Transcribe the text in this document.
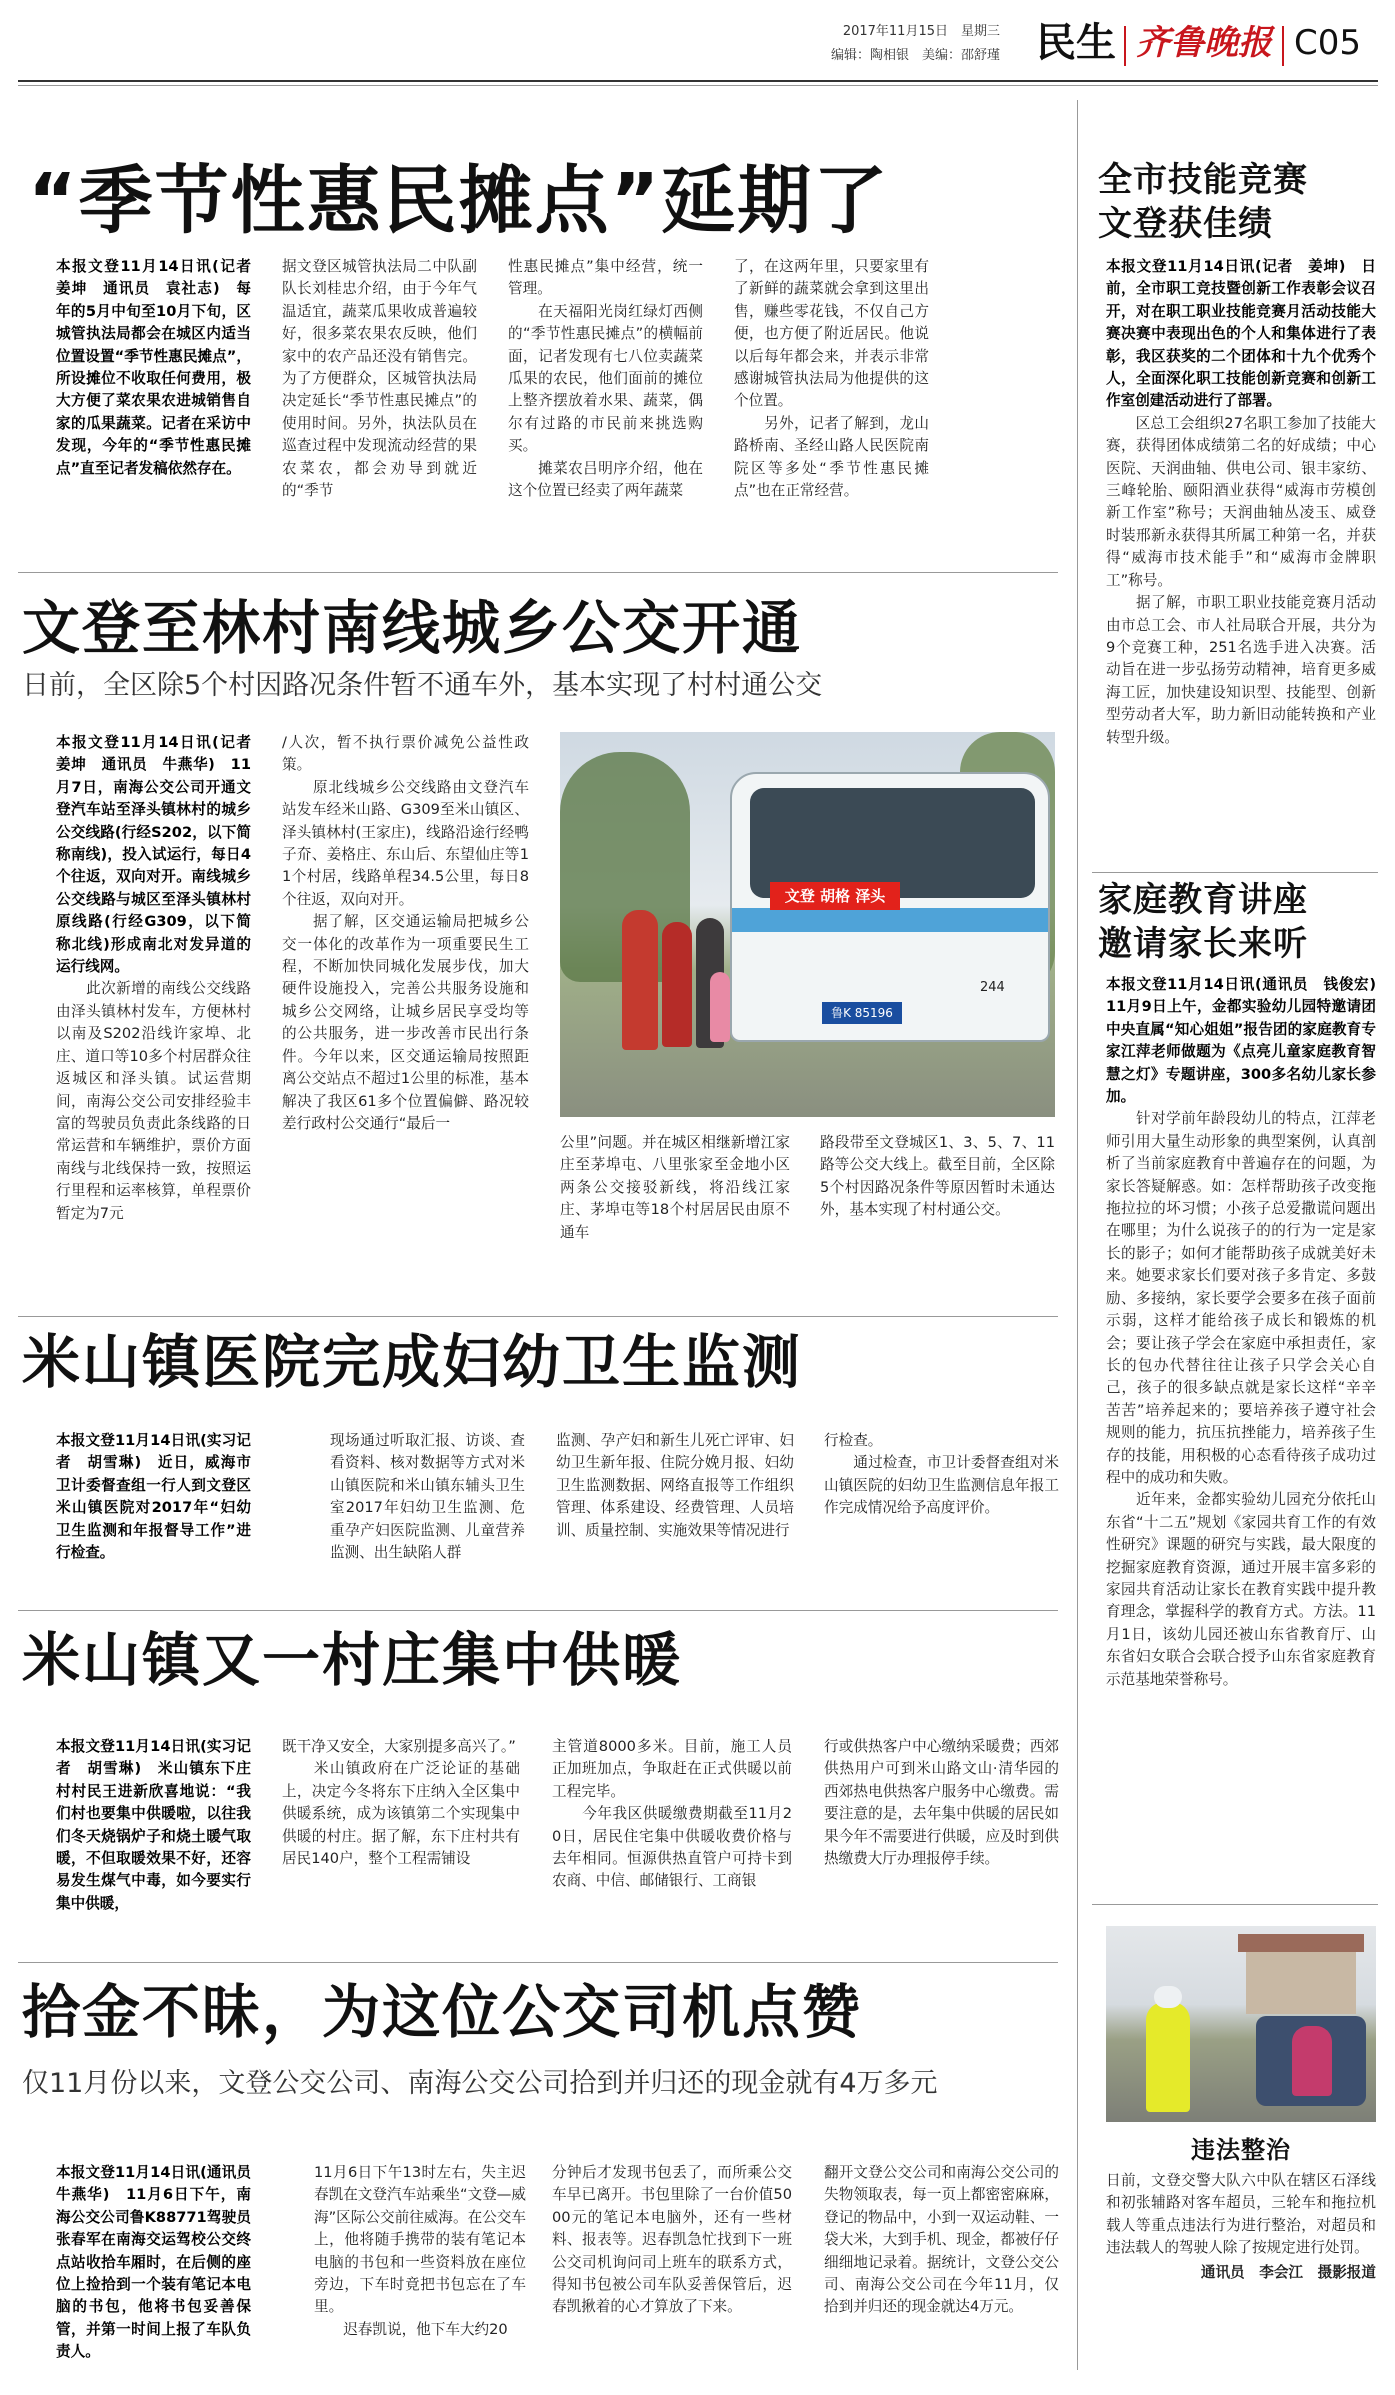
2017年11月15日　星期三
编辑：陶相银　美编：邵舒瑾 民生 齐鲁晚报 C05
“季节性惠民摊点”延期了
本报文登11月14日讯(记者　姜坤　通讯员　袁社志)　每年的5月中旬至10月下旬，区城管执法局都会在城区内适当位置设置“季节性惠民摊点”，所设摊位不收取任何费用，极大方便了菜农果农进城销售自家的瓜果蔬菜。记者在采访中发现，今年的“季节性惠民摊点”直至记者发稿依然存在。
据文登区城管执法局二中队副队长刘桂忠介绍，由于今年气温适宜，蔬菜瓜果收成普遍较好，很多菜农果农反映，他们家中的农产品还没有销售完。为了方便群众，区城管执法局决定延长“季节性惠民摊点”的使用时间。另外，执法队员在巡查过程中发现流动经营的果农菜农，都会劝导到就近的“季节
性惠民摊点”集中经营，统一管理。
　　在天福阳光岗红绿灯西侧的“季节性惠民摊点”的横幅前面，记者发现有七八位卖蔬菜瓜果的农民，他们面前的摊位上整齐摆放着水果、蔬菜，偶尔有过路的市民前来挑选购买。
　　摊菜农吕明序介绍，他在这个位置已经卖了两年蔬菜
了，在这两年里，只要家里有了新鲜的蔬菜就会拿到这里出售，赚些零花钱，不仅自己方便，也方便了附近居民。他说以后每年都会来，并表示非常感谢城管执法局为他提供的这个位置。
　　另外，记者了解到，龙山路桥南、圣经山路人民医院南院区等多处“季节性惠民摊点”也在正常经营。
文登至林村南线城乡公交开通
日前，全区除5个村因路况条件暂不通车外，基本实现了村村通公交
本报文登11月14日讯(记者　姜坤　通讯员　牛燕华)　11月7日，南海公交公司开通文登汽车站至泽头镇林村的城乡公交线路(行经S202，以下简称南线)，投入试运行，每日4个往返，双向对开。南线城乡公交线路与城区至泽头镇林村原线路(行经G309，以下简称北线)形成南北对发异道的运行线网。
　　此次新增的南线公交线路由泽头镇林村发车，方便林村以南及S202沿线许家埠、北庄、道口等10多个村居群众往返城区和泽头镇。试运营期间，南海公交公司安排经验丰富的驾驶员负责此条线路的日常运营和车辆维护，票价方面南线与北线保持一致，按照运行里程和运率核算，单程票价暂定为7元
/人次，暂不执行票价减免公益性政策。
　　原北线城乡公交线路由文登汽车站发车经米山路、G309至米山镇区、泽头镇林村(王家庄)，线路沿途行经鸭子夼、姜格庄、东山后、东望仙庄等11个村居，线路单程34.5公里，每日8个往返，双向对开。
　　据了解，区交通运输局把城乡公交一体化的改革作为一项重要民生工程，不断加快同城化发展步伐，加大硬件设施投入，完善公共服务设施和城乡公交网络，让城乡居民享受均等的公共服务，进一步改善市民出行条件。今年以来，区交通运输局按照距离公交站点不超过1公里的标准，基本解决了我区61多个位置偏僻、路况较差行政村公交通行“最后一
文登 胡格 泽头
鲁K 85196
244
公里”问题。并在城区相继新增江家庄至茅埠屯、八里张家至金地小区两条公交接驳新线，将沿线江家庄、茅埠屯等18个村居居民由原不通车
路段带至文登城区1、3、5、7、11路等公交大线上。截至目前，全区除5个村因路况条件等原因暂时未通达外，基本实现了村村通公交。
米山镇医院完成妇幼卫生监测
本报文登11月14日讯(实习记者　胡雪琳)　近日，威海市卫计委督查组一行人到文登区米山镇医院对2017年“妇幼卫生监测和年报督导工作”进行检查。
现场通过听取汇报、访谈、查看资料、核对数据等方式对米山镇医院和米山镇东辅头卫生室2017年妇幼卫生监测、危重孕产妇医院监测、儿童营养监测、出生缺陷人群
监测、孕产妇和新生儿死亡评审、妇幼卫生新年报、住院分娩月报、妇幼卫生监测数据、网络直报等工作组织管理、体系建设、经费管理、人员培训、质量控制、实施效果等情况进行
行检查。
　　通过检查，市卫计委督查组对米山镇医院的妇幼卫生监测信息年报工作完成情况给予高度评价。
米山镇又一村庄集中供暖
本报文登11月14日讯(实习记者　胡雪琳)　米山镇东下庄村村民王进新欣喜地说：“我们村也要集中供暖啦，以往我们冬天烧锅炉子和烧土暖气取暖，不但取暖效果不好，还容易发生煤气中毒，如今要实行集中供暖，
既干净又安全，大家别提多高兴了。”
　　米山镇政府在广泛论证的基础上，决定今冬将东下庄纳入全区集中供暖系统，成为该镇第二个实现集中供暖的村庄。据了解，东下庄村共有居民140户，整个工程需铺设
主管道8000多米。目前，施工人员正加班加点，争取赶在正式供暖以前工程完毕。
　　今年我区供暖缴费期截至11月20日，居民住宅集中供暖收费价格与去年相同。恒源供热直管户可持卡到农商、中信、邮储银行、工商银
行或供热客户中心缴纳采暖费；西郊供热用户可到米山路文山·清华园的西郊热电供热客户服务中心缴费。需要注意的是，去年集中供暖的居民如果今年不需要进行供暖，应及时到供热缴费大厅办理报停手续。
拾金不昧，为这位公交司机点赞
仅11月份以来，文登公交公司、南海公交公司拾到并归还的现金就有4万多元
本报文登11月14日讯(通讯员　牛燕华)　11月6日下午，南海公交公司鲁K88771驾驶员张春军在南海交运驾校公交终点站收拾车厢时，在后侧的座位上捡拾到一个装有笔记本电脑的书包，他将书包妥善保管，并第一时间上报了车队负责人。
11月6日下午13时左右，失主迟春凯在文登汽车站乘坐“文登—威海”区际公交前往威海。在公交车上，他将随手携带的装有笔记本电脑的书包和一些资料放在座位旁边，下车时竟把书包忘在了车里。
　　迟春凯说，他下车大约20
分钟后才发现书包丢了，而所乘公交车早已离开。书包里除了一台价值5000元的笔记本电脑外，还有一些材料、报表等。迟春凯急忙找到下一班公交司机询问司上班车的联系方式，得知书包被公司车队妥善保管后，迟春凯揪着的心才算放了下来。
翻开文登公交公司和南海公交公司的失物领取表，每一页上都密密麻麻，登记的物品中，小到一双运动鞋、一袋大米，大到手机、现金，都被仔仔细细地记录着。据统计，文登公交公司、南海公交公司在今年11月，仅拾到并归还的现金就达4万元。
全市技能竞赛
文登获佳绩
本报文登11月14日讯(记者　姜坤)　日前，全市职工竞技暨创新工作表彰会议召开，对在职工职业技能竞赛月活动技能大赛决赛中表现出色的个人和集体进行了表彰，我区获奖的二个团体和十九个优秀个人，全面深化职工技能创新竞赛和创新工作室创建活动进行了部署。
　　区总工会组织27名职工参加了技能大赛，获得团体成绩第二名的好成绩；中心医院、天润曲轴、供电公司、银丰家纺、三峰轮胎、颐阳酒业获得“威海市劳模创新工作室”称号；天润曲轴丛凌玉、威登时装邢新永获得其所属工种第一名，并获得“威海市技术能手”和“威海市金牌职工”称号。
　　据了解，市职工职业技能竞赛月活动由市总工会、市人社局联合开展，共分为9个竞赛工种，251名选手进入决赛。活动旨在进一步弘扬劳动精神，培育更多威海工匠，加快建设知识型、技能型、创新型劳动者大军，助力新旧动能转换和产业转型升级。
家庭教育讲座
邀请家长来听
本报文登11月14日讯(通讯员　钱俊宏)　11月9日上午，金都实验幼儿园特邀请团中央直属“知心姐姐”报告团的家庭教育专家江萍老师做题为《点亮儿童家庭教育智慧之灯》专题讲座，300多名幼儿家长参加。
　　针对学前年龄段幼儿的特点，江萍老师引用大量生动形象的典型案例，认真剖析了当前家庭教育中普遍存在的问题，为家长答疑解惑。如：怎样帮助孩子改变拖拖拉拉的坏习惯；小孩子总爱撒谎问题出在哪里；为什么说孩子的的行为一定是家长的影子；如何才能帮助孩子成就美好未来。她要求家长们要对孩子多肯定、多鼓励、多接纳，家长要学会要多在孩子面前示弱，这样才能给孩子成长和锻炼的机会；要让孩子学会在家庭中承担责任，家长的包办代替往往让孩子只学会关心自己，孩子的很多缺点就是家长这样“辛辛苦苦”培养起来的；要培养孩子遵守社会规则的能力，抗压抗挫能力，培养孩子生存的技能，用积极的心态看待孩子成功过程中的成功和失败。
　　近年来，金都实验幼儿园充分依托山东省“十二五”规划《家园共育工作的有效性研究》课题的研究与实践，最大限度的挖掘家庭教育资源，通过开展丰富多彩的家园共育活动让家长在教育实践中提升教育理念，掌握科学的教育方式。方法。11月1日，该幼儿园还被山东省教育厅、山东省妇女联合会联合授予山东省家庭教育示范基地荣誉称号。
违法整治
日前，文登交警大队六中队在辖区石泽线和初张辅路对客车超员，三轮车和拖拉机载人等重点违法行为进行整治，对超员和违法载人的驾驶人除了按规定进行处罚。
通讯员　李会江　摄影报道
